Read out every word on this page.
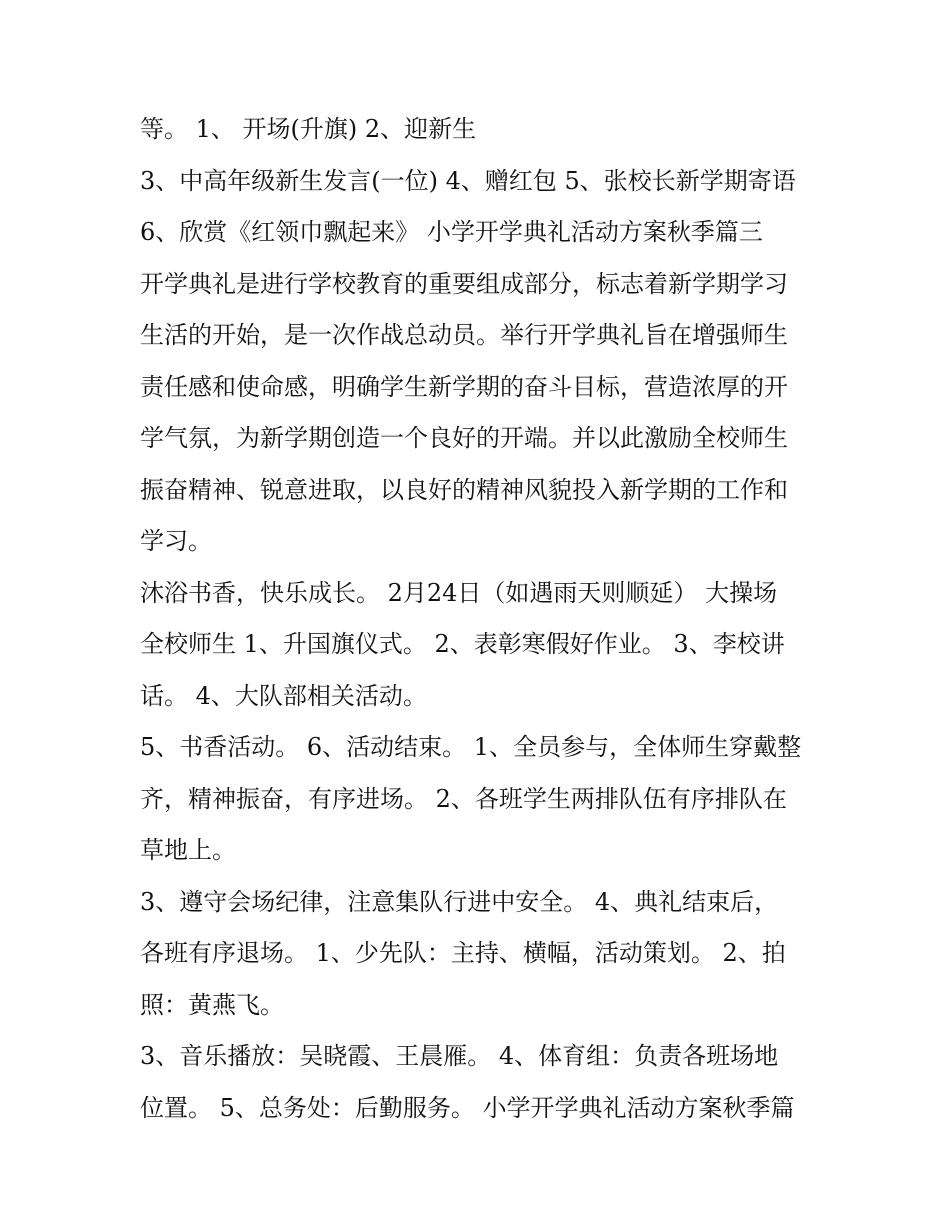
等。 1、 开场(升旗) 2、迎新生

3、中高年级新生发言(一位) 4、赠红包 5、张校长新学期寄语

6、欣赏《红领巾飘起来》 小学开学典礼活动方案秋季篇三

开学典礼是进行学校教育的重要组成部分，标志着新学期学习

生活的开始，是一次作战总动员。举行开学典礼旨在增强师生

责任感和使命感，明确学生新学期的奋斗目标，营造浓厚的开

学气氛，为新学期创造一个良好的开端。并以此激励全校师生

振奋精神、锐意进取，以良好的精神风貌投入新学期的工作和

学习。

沐浴书香，快乐成长。 2月24日（如遇雨天则顺延） 大操场

全校师生 1、升国旗仪式。 2、表彰寒假好作业。 3、李校讲

话。 4、大队部相关活动。

5、书香活动。 6、活动结束。 1、全员参与，全体师生穿戴整

齐，精神振奋，有序进场。 2、各班学生两排队伍有序排队在

草地上。

3、遵守会场纪律，注意集队行进中安全。 4、典礼结束后，

各班有序退场。 1、少先队：主持、横幅，活动策划。 2、拍

照：黄燕飞。

3、音乐播放：吴晓霞、王晨雁。 4、体育组：负责各班场地

位置。 5、总务处：后勤服务。 小学开学典礼活动方案秋季篇
